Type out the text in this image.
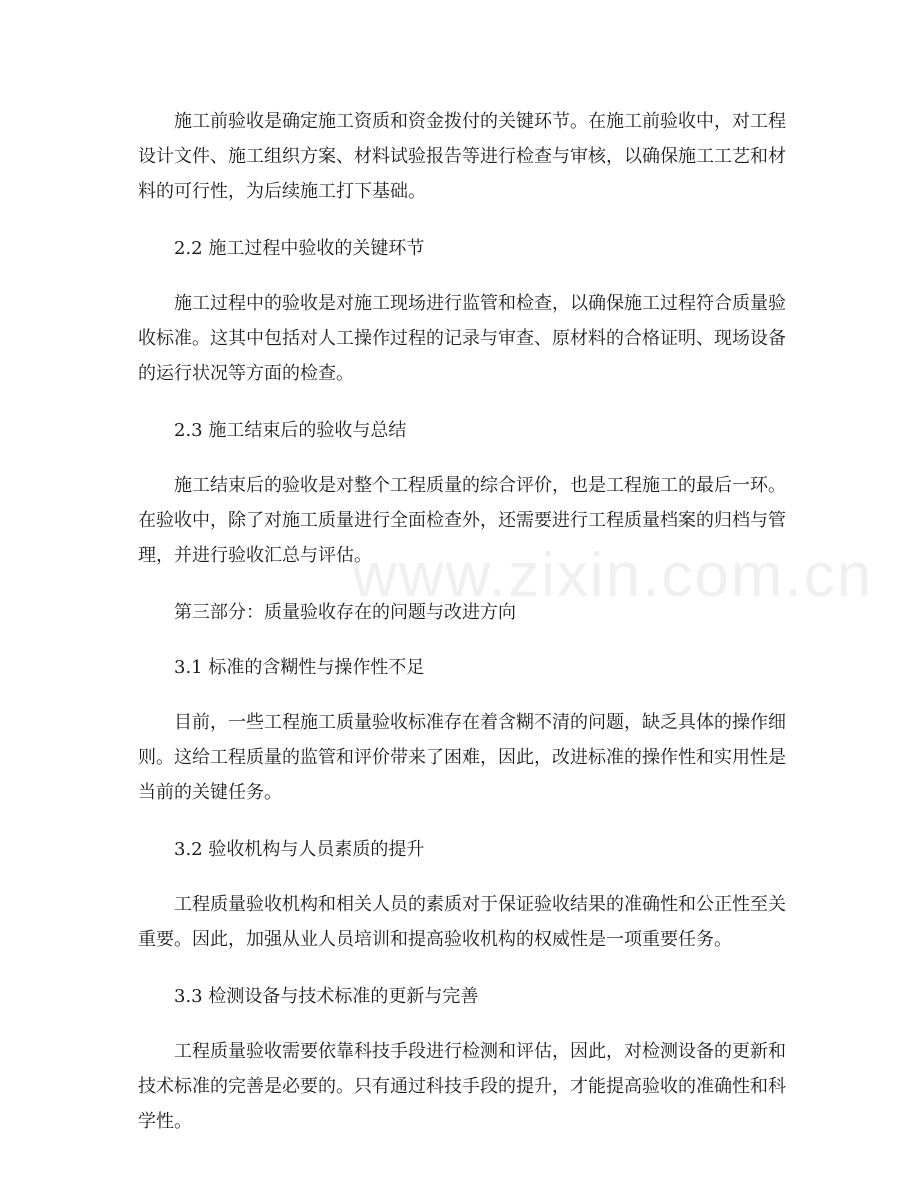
施工前验收是确定施工资质和资金拨付的关键环节。在施工前验收中，对工程设计文件、施工组织方案、材料试验报告等进行检查与审核，以确保施工工艺和材料的可行性，为后续施工打下基础。

2.2 施工过程中验收的关键环节

施工过程中的验收是对施工现场进行监管和检查，以确保施工过程符合质量验收标准。这其中包括对人工操作过程的记录与审查、原材料的合格证明、现场设备的运行状况等方面的检查。

2.3 施工结束后的验收与总结

施工结束后的验收是对整个工程质量的综合评价，也是工程施工的最后一环。在验收中，除了对施工质量进行全面检查外，还需要进行工程质量档案的归档与管理，并进行验收汇总与评估。

第三部分：质量验收存在的问题与改进方向

3.1 标准的含糊性与操作性不足

目前，一些工程施工质量验收标准存在着含糊不清的问题，缺乏具体的操作细则。这给工程质量的监管和评价带来了困难，因此，改进标准的操作性和实用性是当前的关键任务。

3.2 验收机构与人员素质的提升

工程质量验收机构和相关人员的素质对于保证验收结果的准确性和公正性至关重要。因此，加强从业人员培训和提高验收机构的权威性是一项重要任务。

3.3 检测设备与技术标准的更新与完善

工程质量验收需要依靠科技手段进行检测和评估，因此，对检测设备的更新和技术标准的完善是必要的。只有通过科技手段的提升，才能提高验收的准确性和科学性。

www.zixin.com.cn
